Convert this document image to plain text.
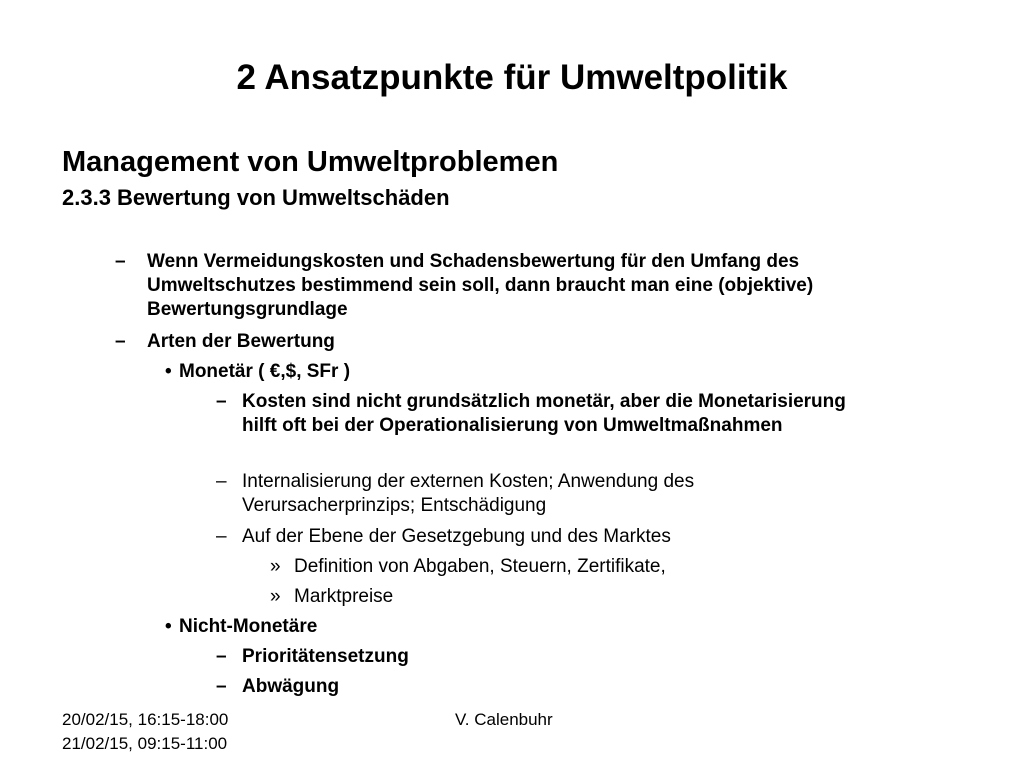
2 Ansatzpunkte für Umweltpolitik
Management von Umweltproblemen
2.3.3 Bewertung von Umweltschäden
–	Wenn Vermeidungskosten und Schadensbewertung für den Umfang des Umweltschutzes bestimmend sein soll, dann braucht man eine (objektive) Bewertungsgrundlage
–	Arten der Bewertung
• Monetär ( €,$, SFr )
– Kosten sind nicht grundsätzlich monetär, aber die Monetarisierung hilft oft bei der Operationalisierung von Umweltmaßnahmen
– Internalisierung der externen Kosten; Anwendung des Verursacherprinzips; Entschädigung
– Auf der Ebene der Gesetzgebung und des Marktes
» Definition von Abgaben, Steuern, Zertifikate,
» Marktpreise
• Nicht-Monetäre
– Prioritätensetzung
– Abwägung
20/02/15, 16:15-18:00
21/02/15, 09:15-11:00
V. Calenbuhr
